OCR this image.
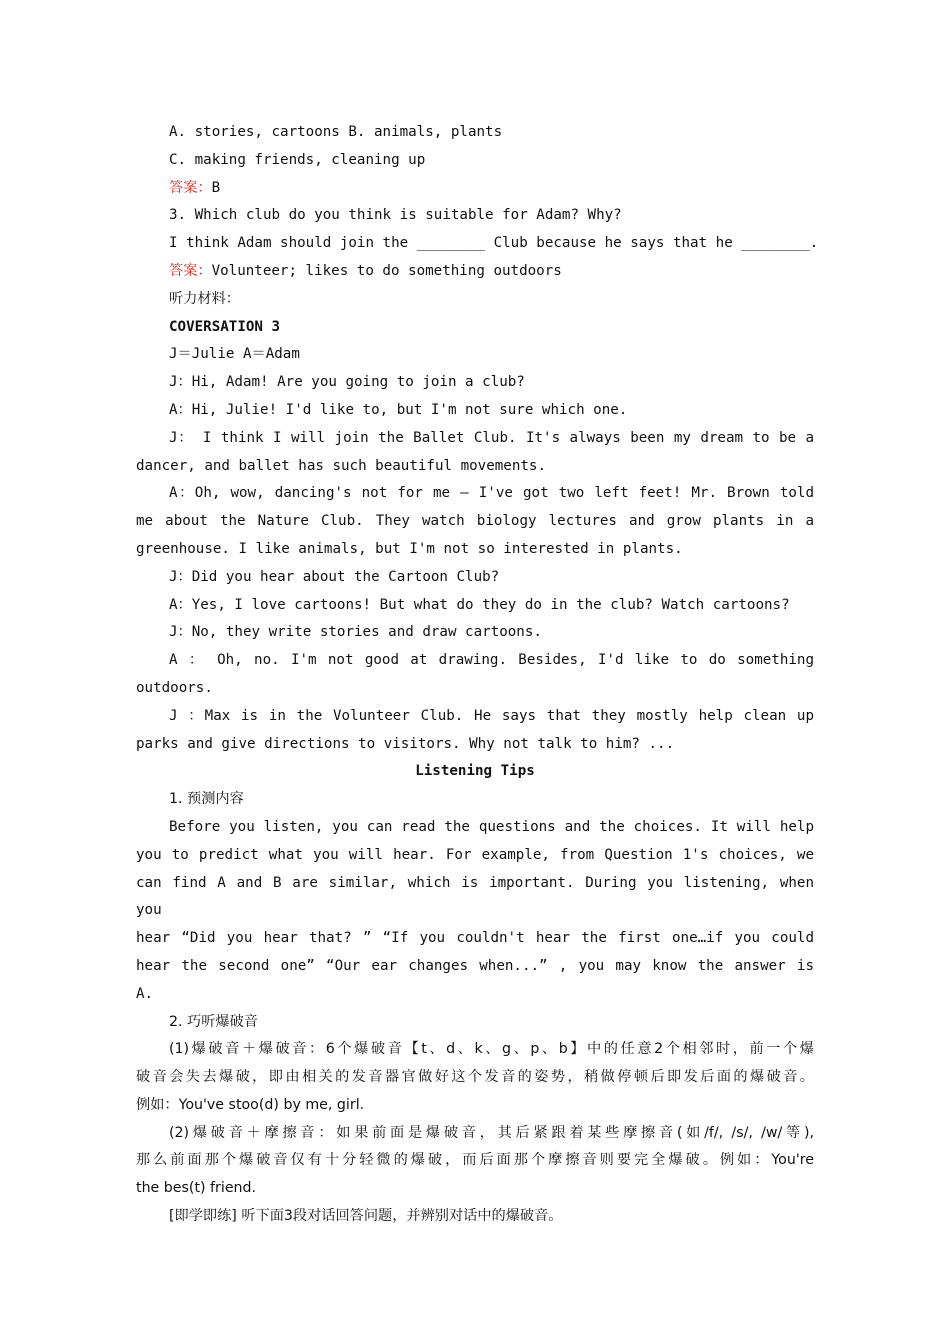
A. stories, cartoons B. animals, plants
C. making friends, cleaning up
答案：B
3. Which club do you think is suitable for Adam? Why?
I think Adam should join the ________ Club because he says that he ________.
答案：Volunteer; likes to do something outdoors
听力材料：
COVERSATION 3
J＝Julie A＝Adam
J：Hi, Adam! Are you going to join a club?
A：Hi, Julie! I'd like to, but I'm not sure which one.
J： I think I will join the Ballet Club. It's always been my dream to be a
dancer, and ballet has such beautiful movements.
A：Oh, wow, dancing's not for me — I've got two left feet! Mr. Brown told
me about the Nature Club. They watch biology lectures and grow plants in a
greenhouse. I like animals, but I'm not so interested in plants.
J：Did you hear about the Cartoon Club?
A：Yes, I love cartoons! But what do they do in the club? Watch cartoons?
J：No, they write stories and draw cartoons.
A ： Oh, no. I'm not good at drawing. Besides, I'd like to do something
outdoors.
J ：Max is in the Volunteer Club. He says that they mostly help clean up
parks and give directions to visitors. Why not talk to him? ...
Listening Tips
1. 预测内容
Before you listen, you can read the questions and the choices. It will help
you to predict what you will hear. For example, from Question 1's choices, we
can find A and B are similar, which is important. During you listening, when you
hear “Did you hear that? ” “If you couldn't hear the first one…if you could
hear the second one” “Our ear changes when...” , you may know the answer is
A.
2. 巧听爆破音
(1)爆破音＋爆破音：6个爆破音【t、d、k、g、p、b】中的任意2个相邻时，前一个爆
破音会失去爆破，即由相关的发音器官做好这个发音的姿势，稍做停顿后即发后面的爆破音。
例如：You've stoo(d) by me, girl.
(2)爆破音＋摩擦音：如果前面是爆破音，其后紧跟着某些摩擦音(如/f/, /s/, /w/等),
那么前面那个爆破音仅有十分轻微的爆破，而后面那个摩擦音则要完全爆破。例如：You're
the bes(t) friend.
[即学即练] 听下面3段对话回答问题，并辨别对话中的爆破音。
